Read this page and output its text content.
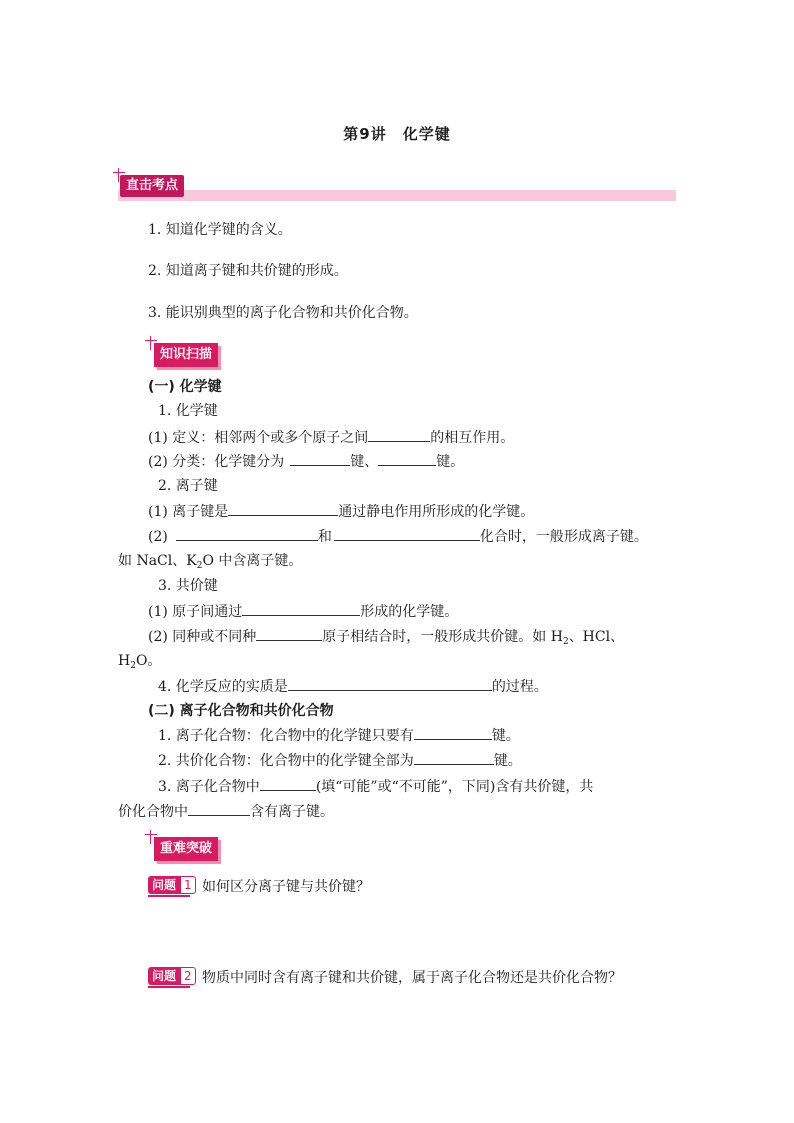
第9讲　化学键
直击考点
1. 知道化学键的含义。
2. 知道离子键和共价键的形成。
3. 能识别典型的离子化合物和共价化合物。
知识扫描
(一) 化学键
1. 化学键
(1) 定义：相邻两个或多个原子之间	的相互作用。
(2) 分类：化学键分为	键、	键。
2. 离子键
(1) 离子键是	通过静电作用所形成的化学键。
(2)	和	化合时，一般形成离子键。
如 NaCl、$K_2O$ 中含离子键。
3. 共价键
(1) 原子间通过	形成的化学键。
(2) 同种或不同种	原子相结合时，一般形成共价键。如 $H_2$、HCl、
$H_2O$。
4. 化学反应的实质是	的过程。
(二) 离子化合物和共价化合物
1. 离子化合物：化合物中的化学键只要有	键。
2. 共价化合物：化合物中的化学键全部为	键。
3. 离子化合物中	(填“可能”或“不可能”，下同)含有共价键，共
价化合物中	含有离子键。
重难突破
问题 1 如何区分离子键与共价键？
问题 2 物质中同时含有离子键和共价键，属于离子化合物还是共价化合物？
